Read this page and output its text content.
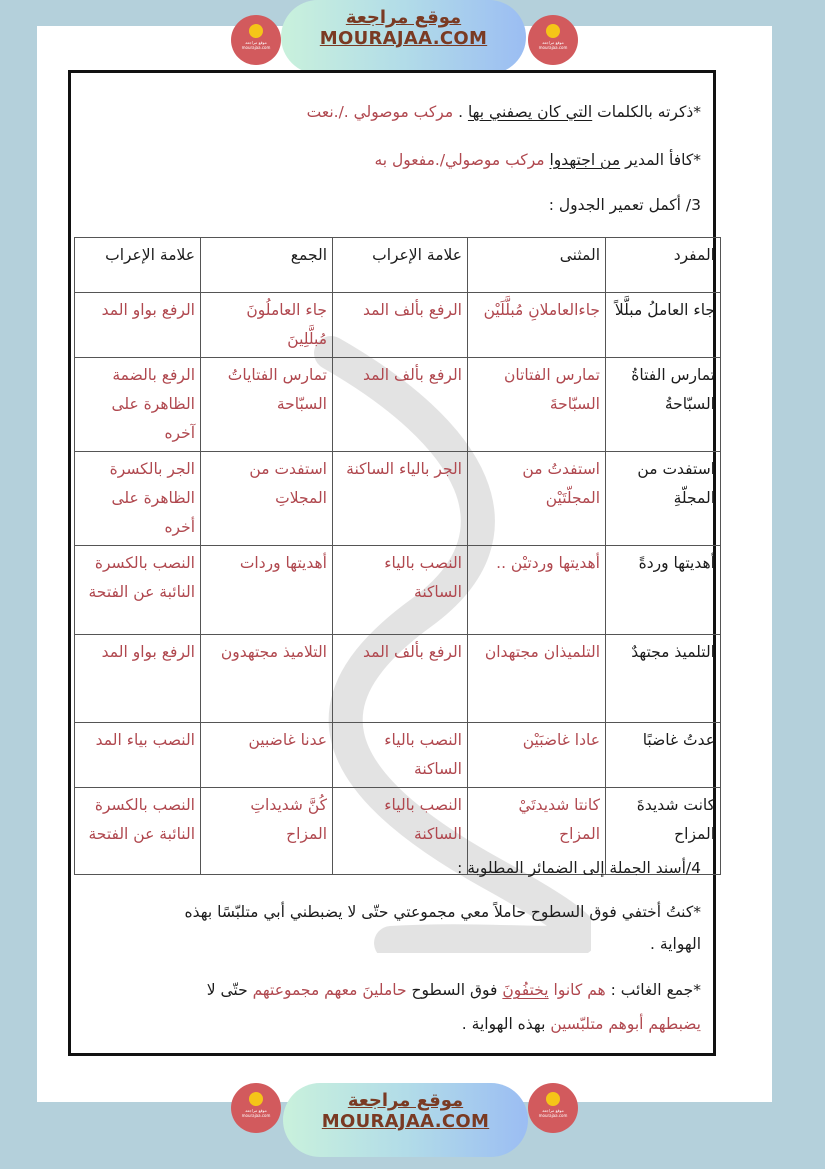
موقع مراجعة
mourajaa.com
موقع مراجعة
MOURAJAA.COM	موقع مراجعة
mourajaa.com
*ذكرته بالكلمات التي كان يصفني بها . مركب موصولي ./.نعت
*كافأ المدير من اجتهدوا مركب موصولي/.مفعول به
3/ أكمل تعمير الجدول :
المفرد	المثنى	علامة الإعراب	الجمع	علامة الإعراب
جاء العاملُ مبلَّلاً	جاءالعاملانِ مُبلَّلَيْن	الرفع بألف المد	جاء العاملُونَ مُبلَّلِينَ	الرفع بواو المد
تمارس الفتاةُ السبّاحةُ	تمارس الفتاتان السبّاحةَ	الرفع بألف المد	تمارس الفتاياتُ السبّاحة	الرفع بالضمة الظاهرة على آخره
استفدت من المجلّةِ	استفدتُ من المجلّتَيْن	الجر بالياء الساكنة	استفدت من المجلاتِ	الجر بالكسرة الظاهرة على أخره
أهديتها وردةً	أهديتها وردتيْن ..	النصب بالياء الساكنة	أهديتها وردات	النصب بالكسرة النائبة عن الفتحة
التلميذ مجتهدٌ	التلميذان مجتهدان	الرفع بألف المد	التلاميذ مجتهدون	الرفع بواو المد
عدتُ غاضبًا	عادا غاضبَيْن	النصب بالياء الساكنة	عدنا غاضبين	النصب بياء المد
كانت شديدةَ المزاح	كانتا شديدتَيْ المزاح	النصب بالياء الساكنة	كُنَّ شديداتِ المزاح	النصب بالكسرة النائبة عن الفتحة
4/أسند الجملة إلى الضمائر المطلوبة :
*كنتُ أختفي فوق السطوح حاملاً معي مجموعتي حتّى لا يضبطني أبي متلبّسًا بهذه
الهواية .
*جمع الغائب : هم كانوا يختفُونَ فوق السطوح حاملينَ معهم مجموعتهم حتّى لا
يضبطهم أبوهم متلبّسين بهذه الهواية .
موقع مراجعة
mourajaa.com
موقع مراجعة
MOURAJAA.COM
موقع مراجعة
mourajaa.com
